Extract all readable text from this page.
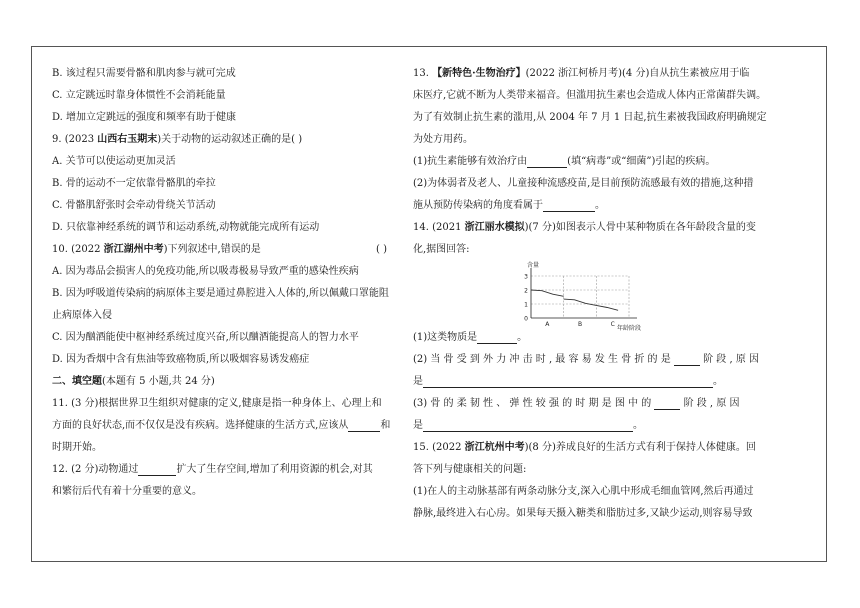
B. 该过程只需要骨骼和肌肉参与就可完成
C. 立定跳远时靠身体惯性不会消耗能量
D. 增加立定跳远的强度和频率有助于健康
9. (2023 山西右玉期末)关于动物的运动叙述正确的是( )
A. 关节可以使运动更加灵活
B. 骨的运动不一定依靠骨骼肌的牵拉
C. 骨骼肌舒张时会牵动骨绕关节活动
D. 只依靠神经系统的调节和运动系统,动物就能完成所有运动
10. (2022 浙江湖州中考)下列叙述中,错误的是	( )
A. 因为毒品会损害人的免疫功能,所以吸毒极易导致严重的感染性疾病
B. 因为呼吸道传染病的病原体主要是通过鼻腔进入人体的,所以佩戴口罩能阻
止病原体入侵
C. 因为酗酒能使中枢神经系统过度兴奋,所以酗酒能提高人的智力水平
D. 因为香烟中含有焦油等致癌物质,所以吸烟容易诱发癌症
二、填空题(本题有 5 小题,共 24 分)
11. (3 分)根据世界卫生组织对健康的定义,健康是指一种身体上、心理上和
方面的良好状态,而不仅仅是没有疾病。选择健康的生活方式,应该从	和
时期开始。
12. (2 分)动物通过	扩大了生存空间,增加了利用资源的机会,对其
和繁衍后代有着十分重要的意义。
13. 【新特色·生物治疗】(2022 浙江柯桥月考)(4 分)自从抗生素被应用于临
床医疗,它就不断为人类带来福音。但滥用抗生素也会造成人体内正常菌群失调。
为了有效制止抗生素的滥用,从 2004 年 7 月 1 日起,抗生素被我国政府明确规定
为处方用药。
(1)抗生素能够有效治疗由	(填“病毒”或“细菌”)引起的疾病。
(2)为体弱者及老人、儿童接种流感疫苗,是目前预防流感最有效的措施,这种措
施从预防传染病的角度看属于	。
14. (2021 浙江丽水模拟)(7 分)如图表示人骨中某种物质在各年龄段含量的变
化,据图回答:
0
1
2
3
A	B	C
含量
年龄阶段
(1)这类物质是	。
(2) 当 骨 受 到 外 力 冲 击 时 , 最 容 易 发 生 骨 折 的 是	阶 段 , 原 因
是	。
(3) 骨 的 柔 韧 性 、 弹 性 较 强 的 时 期 是 图 中 的	阶 段 , 原 因
是	。
15. (2022 浙江杭州中考)(8 分)养成良好的生活方式有利于保持人体健康。回
答下列与健康相关的问题:
(1)在人的主动脉基部有两条动脉分支,深入心肌中形成毛细血管网,然后再通过
静脉,最终进入右心房。如果每天摄入糖类和脂肪过多,又缺少运动,则容易导致
